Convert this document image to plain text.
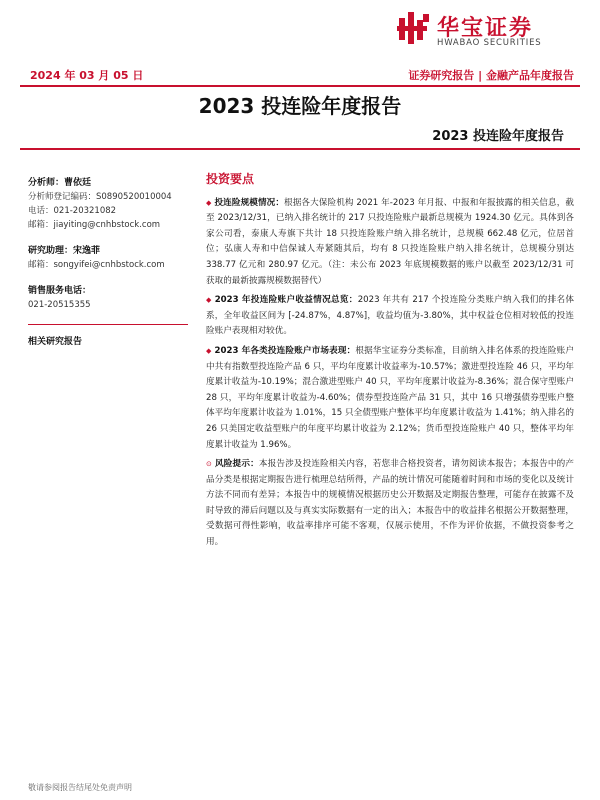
华宝证券
HWABAO SECURITIES
2024 年 03 月 05 日	证券研究报告 | 金融产品年度报告
2023 投连险年度报告
2023 投连险年度报告
分析师：曹依廷
分析师登记编码：S0890520010004
电话：021-20321082
邮箱：jiayiting@cnhbstock.com
研究助理：宋逸菲
邮箱：songyifei@cnhbstock.com
销售服务电话：
021-20515355
相关研究报告
投资要点
◆ 投连险规模情况：根据各大保险机构 2021 年-2023 年月报、中报和年报披露的相关信息，截至 2023/12/31，已纳入排名统计的 217 只投连险账户最新总规模为 1924.30 亿元。具体到各家公司看，泰康人寿旗下共计 18 只投连险账户纳入排名统计，总规模 662.48 亿元，位居首位；弘康人寿和中信保诚人寿紧随其后，均有 8 只投连险账户纳入排名统计，总规模分别达 338.77 亿元和 280.97 亿元。（注：未公布 2023 年底规模数据的账户以截至 2023/12/31 可获取的最新披露规模数据替代）
◆ 2023 年投连险账户收益情况总览：2023 年共有 217 个投连险分类账户纳入我们的排名体系，全年收益区间为 [-24.87%，4.87%]，收益均值为-3.80%，其中权益仓位相对较低的投连险账户表现相对较优。
◆ 2023 年各类投连险账户市场表现：根据华宝证券分类标准，目前纳入排名体系的投连险账户中共有指数型投连险产品 6 只，平均年度累计收益率为-10.57%；激进型投连险 46 只，平均年度累计收益为-10.19%；混合激进型账户 40 只，平均年度累计收益为-8.36%；混合保守型账户 28 只，平均年度累计收益为-4.60%；债券型投连险产品 31 只，其中 16 只增强债券型账户整体平均年度累计收益为 1.01%，15 只全债型账户整体平均年度累计收益为 1.41%；纳入排名的 26 只美国定收益型账户的年度平均累计收益为 2.12%；货币型投连险账户 40 只，整体平均年度累计收益为 1.96%。
⊙ 风险提示：本报告涉及投连险相关内容，若您非合格投资者，请勿阅读本报告；本报告中的产品分类是根据定期报告进行梳理总结所得，产品的统计情况可能随着时间和市场的变化以及统计方法不同而有差异；本报告中的规模情况根据历史公开数据及定期报告整理，可能存在披露不及时导致的滞后问题以及与真实实际数据有一定的出入；本报告中的收益排名根据公开数据整理，受数据可得性影响，收益率排序可能不客观，仅展示使用，不作为评价依据，不做投资参考之用。
敬请参阅报告结尾处免责声明
